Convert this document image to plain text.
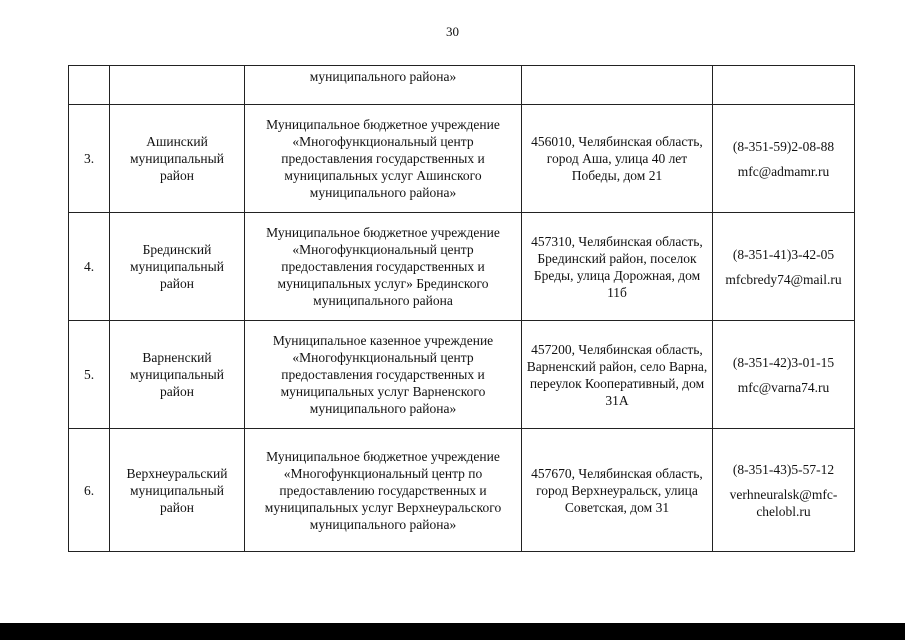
30
		муниципального района»		

3.	Ашинский муниципальный район	Муниципальное бюджетное учреждение «Многофункциональный центр предоставления государственных и муниципальных услуг Ашинского муниципального района»	456010, Челябинская область, город Аша, улица 40 лет Победы, дом 21	(8-351-59)2-08-88
mfc@admamr.ru

4.	Брединский муниципальный район	Муниципальное бюджетное учреждение «Многофункциональный центр предоставления государственных и муниципальных услуг» Брединского муниципального района	457310, Челябинская область, Брединский район, поселок Бреды, улица Дорожная, дом 11б	(8-351-41)3-42-05
mfcbredy74@mail.ru

5.	Варненский муниципальный район	Муниципальное казенное учреждение «Многофункциональный центр предоставления государственных и муниципальных услуг Варненского муниципального района»	457200, Челябинская область, Варненский район, село Варна, переулок Кооперативный, дом 31А	(8-351-42)3-01-15
mfc@varna74.ru

6.	Верхнеуральский муниципальный район	Муниципальное бюджетное учреждение «Многофункциональный центр по предоставлению государственных и муниципальных услуг Верхнеуральского муниципального района»	457670, Челябинская область, город Верхнеуральск, улица Советская, дом 31	(8-351-43)5-57-12
verhneuralsk@mfc-chelobl.ru
